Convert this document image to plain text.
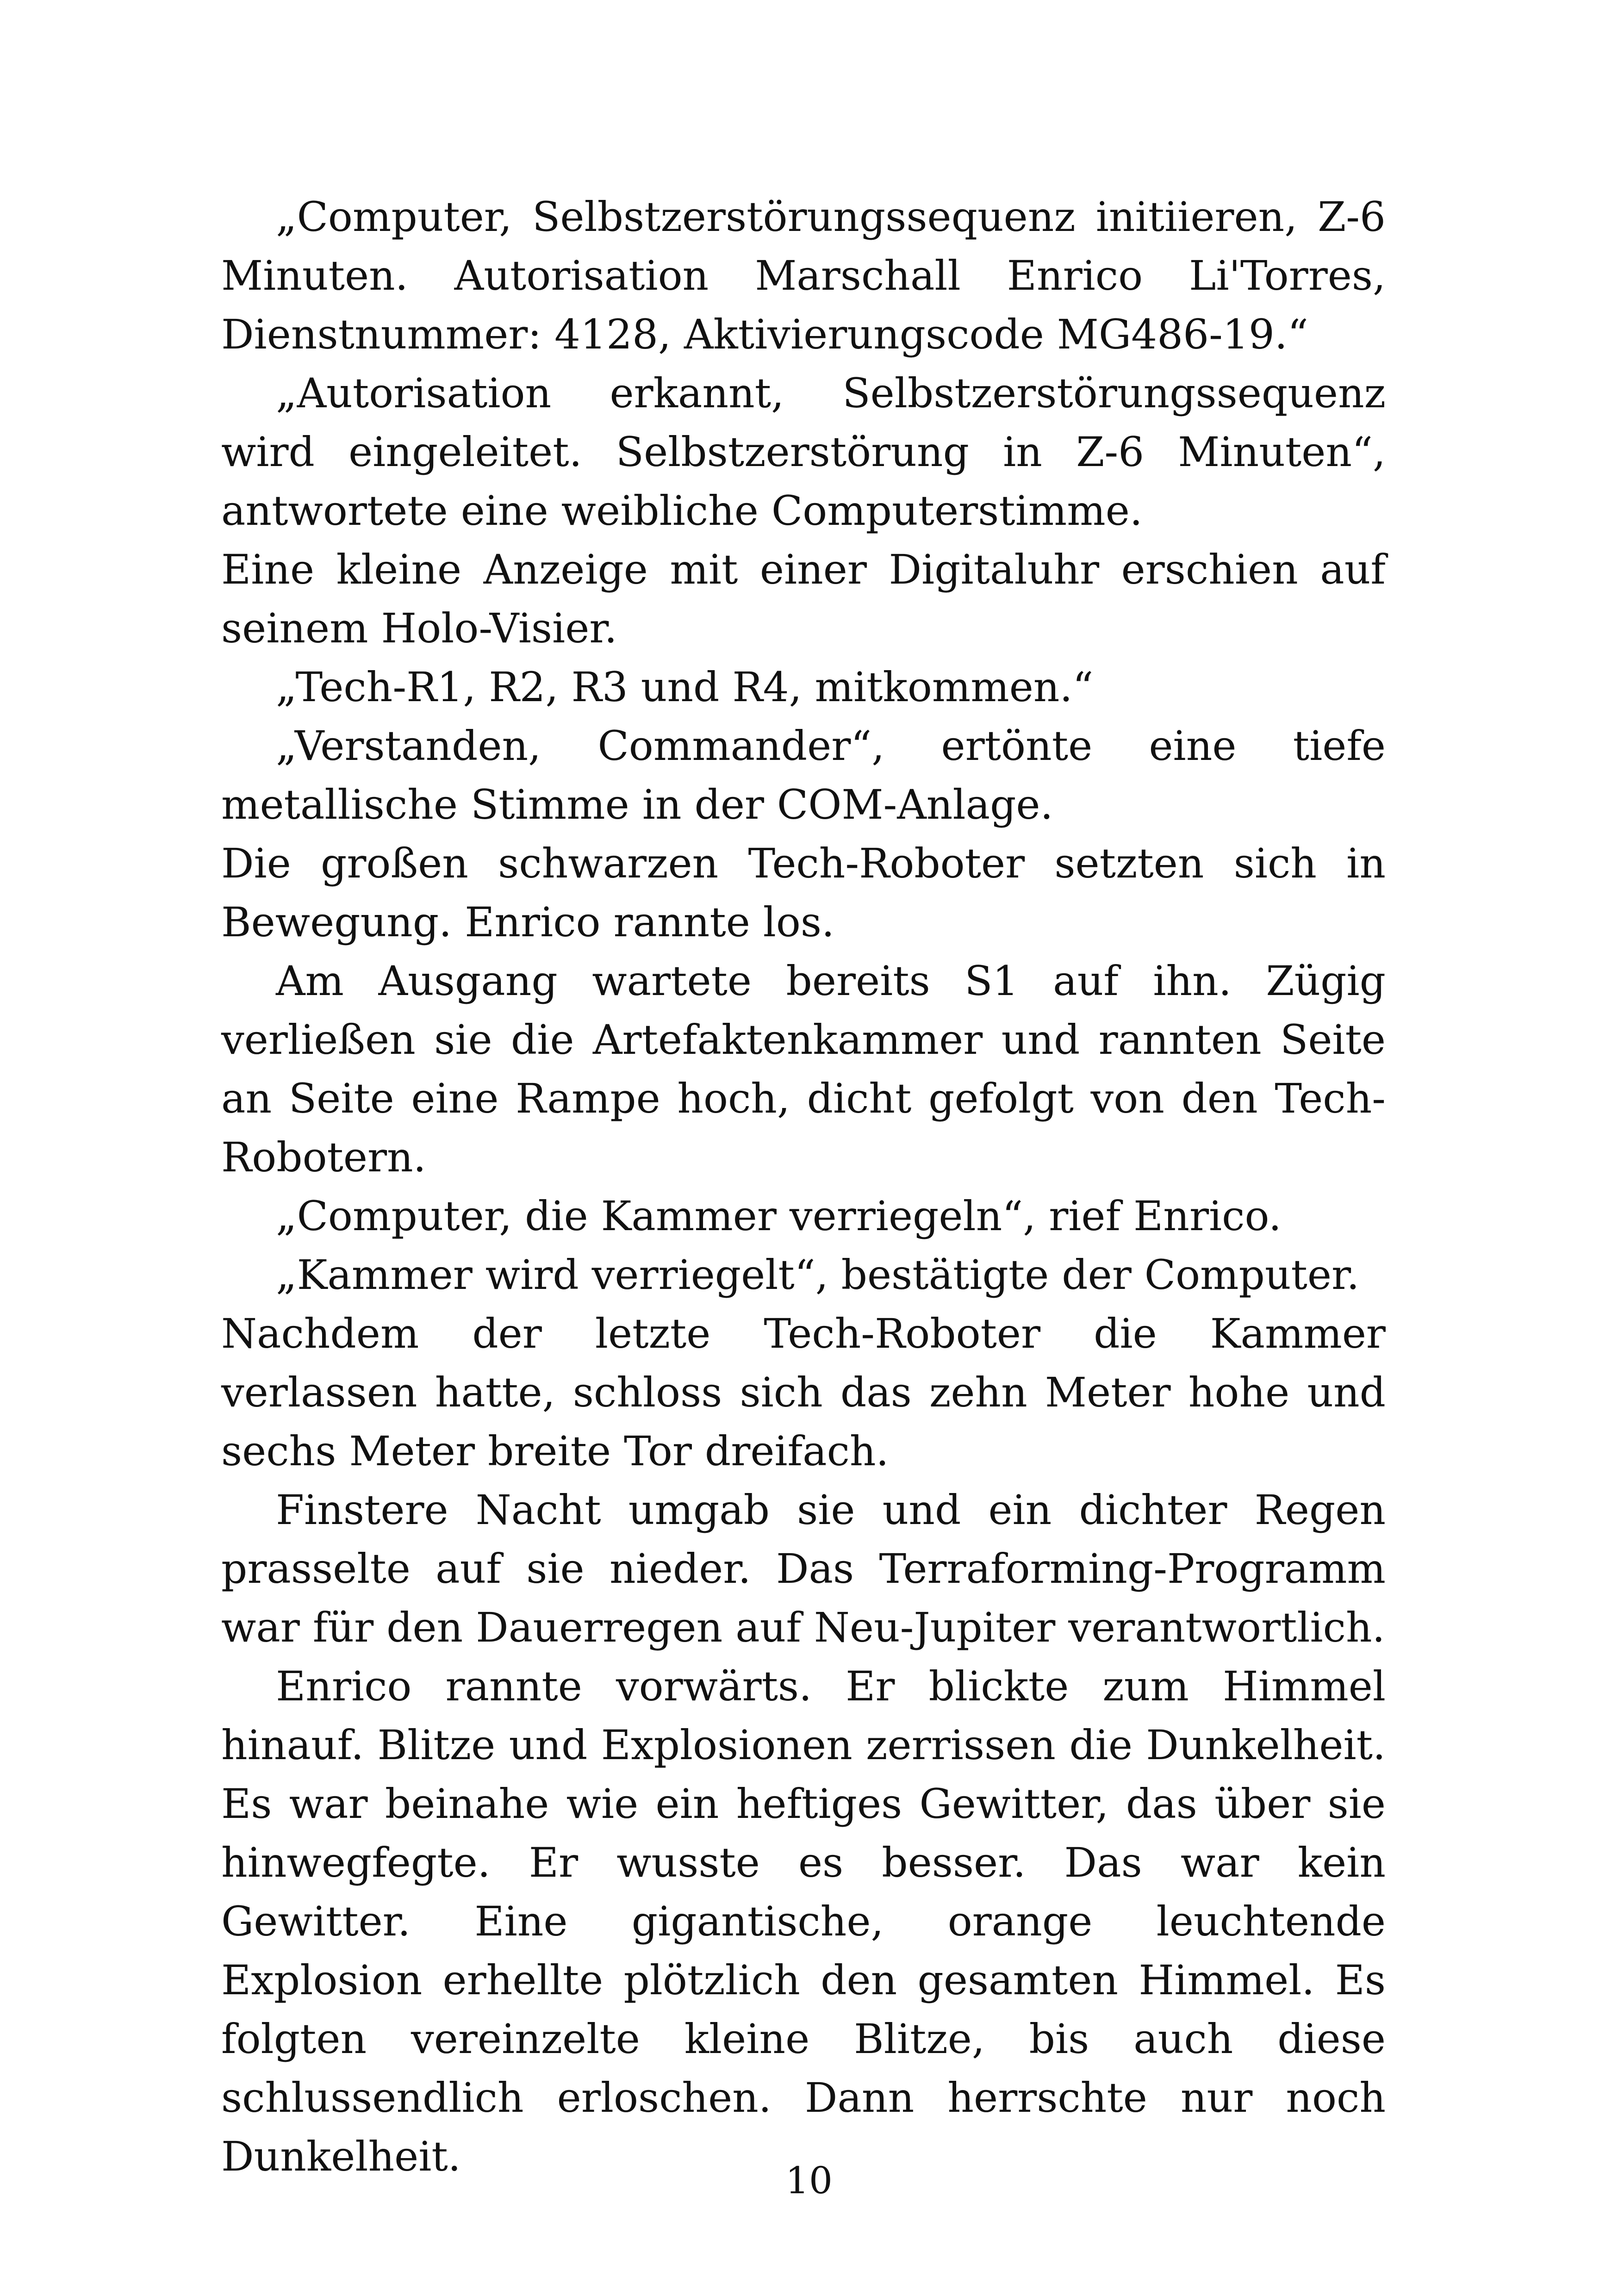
„Computer, Selbstzerstörungssequenz initiieren, Z-6 Minuten. Autorisation Marschall Enrico Li'Torres, Dienstnummer: 4128, Aktivierungscode MG486-19.“

„Autorisation erkannt, Selbstzerstörungssequenz wird eingeleitet. Selbstzerstörung in Z-6 Minuten“, antwortete eine weibliche Computerstimme.

Eine kleine Anzeige mit einer Digitaluhr erschien auf seinem Holo-Visier.

„Tech-R1, R2, R3 und R4, mitkommen.“

„Verstanden, Commander“, ertönte eine tiefe metallische Stimme in der COM-Anlage.

Die großen schwarzen Tech-Roboter setzten sich in Bewegung. Enrico rannte los.

Am Ausgang wartete bereits S1 auf ihn. Zügig verließen sie die Artefaktenkammer und rannten Seite an Seite eine Rampe hoch, dicht gefolgt von den Tech-Robotern.

„Computer, die Kammer verriegeln“, rief Enrico.

„Kammer wird verriegelt“, bestätigte der Computer.

Nachdem der letzte Tech-Roboter die Kammer verlassen hatte, schloss sich das zehn Meter hohe und sechs Meter breite Tor dreifach.

Finstere Nacht umgab sie und ein dichter Regen prasselte auf sie nieder. Das Terraforming-Programm war für den Dauerregen auf Neu-Jupiter verantwortlich.

Enrico rannte vorwärts. Er blickte zum Himmel hinauf. Blitze und Explosionen zerrissen die Dunkelheit. Es war beinahe wie ein heftiges Gewitter, das über sie hinwegfegte. Er wusste es besser. Das war kein Gewitter. Eine gigantische, orange leuchtende Explosion erhellte plötzlich den gesamten Himmel. Es folgten vereinzelte kleine Blitze, bis auch diese schlussendlich erloschen. Dann herrschte nur noch Dunkelheit.

10
